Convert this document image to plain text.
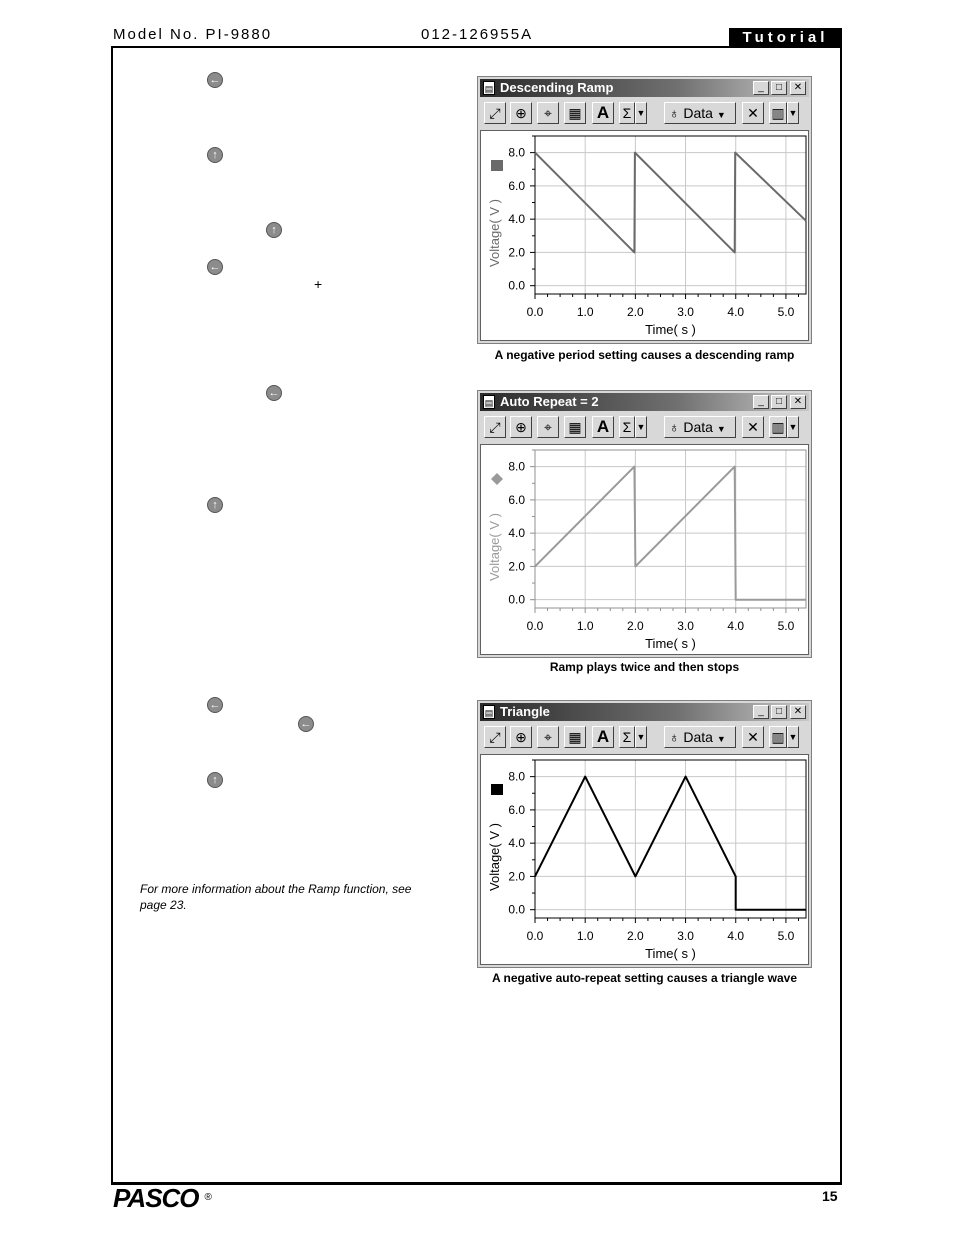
Model No. PI-9880	012-126955A	Tutorial
←
↑
↑
←
+
←
↑
←
←
↑
For more information about the Ramp function, see page 23.
▤ Descending Ramp	_	□	✕
⤢	⊕	⌖	▦ A Σ ▼	♁ Data ▼	✕ ▥ ▼
0.0	1.0	2.0	3.0	4.0	5.0
0.0
2.0
4.0
6.0
8.0
Time( s )
Voltage( V )
A negative period setting causes a descending ramp
▤ Auto Repeat = 2	_	□	✕
⤢	⊕	⌖	▦ A Σ ▼	♁ Data ▼	✕ ▥ ▼
0.0	1.0	2.0	3.0	4.0	5.0
0.0
2.0
4.0
6.0
8.0
Time( s )
Voltage( V )
Ramp plays twice and then stops
▤ Triangle	_	□	✕
⤢	⊕	⌖	▦ A Σ ▼	♁ Data ▼	✕ ▥ ▼
0.0	1.0	2.0	3.0	4.0	5.0
0.0
2.0
4.0
6.0
8.0
Time( s )
Voltage( V )
A negative auto-repeat setting causes a triangle wave
PASCO ®	15
